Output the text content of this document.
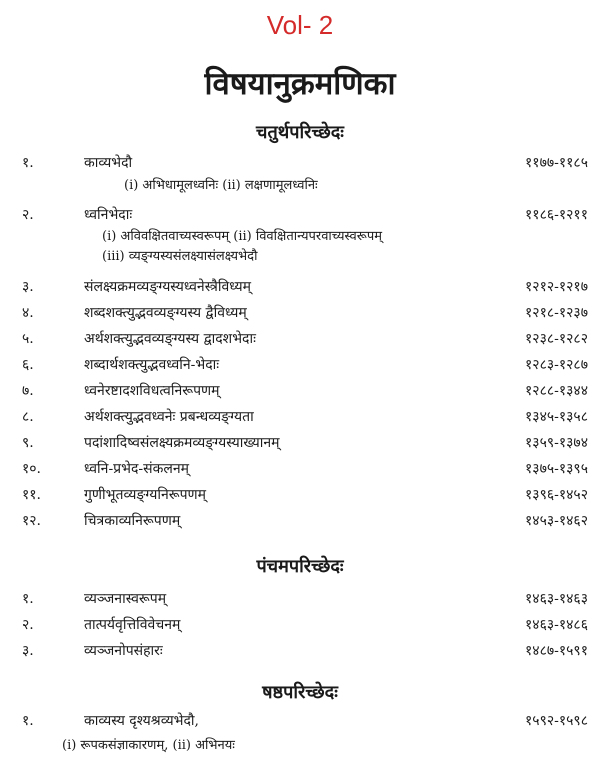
Vol- 2
विषयानुक्रमणिका
चतुर्थपरिच्छेदः
१.	काव्यभेदौ	११७७-११८५
(i) अभिधामूलध्वनिः (ii) लक्षणामूलध्वनिः
२.	ध्वनिभेदाः	११८६-१२११
(i) अविवक्षितवाच्यस्वरूपम् (ii) विवक्षितान्यपरवाच्यस्वरूपम्
(iii) व्यङ्ग्यस्यसंलक्ष्यासंलक्ष्यभेदौ
३.	संलक्ष्यक्रमव्यङ्ग्यस्यध्वनेस्त्रैविध्यम्	१२१२-१२१७
४.	शब्दशक्त्युद्भवव्यङ्ग्यस्य द्वैविध्यम्	१२१८-१२३७
५.	अर्थशक्त्युद्भवव्यङ्ग्यस्य द्वादशभेदाः	१२३८-१२८२
६.	शब्दार्थशक्त्युद्भवध्वनि-भेदाः	१२८३-१२८७
७.	ध्वनेरष्टादशविधत्वनिरूपणम्	१२८८-१३४४
८.	अर्थशक्त्युद्भवध्वनेः प्रबन्धव्यङ्ग्यता	१३४५-१३५८
९.	पदांशादिष्वसंलक्ष्यक्रमव्यङ्ग्यस्याख्यानम्	१३५९-१३७४
१०.	ध्वनि-प्रभेद-संकलनम्	१३७५-१३९५
११.	गुणीभूतव्यङ्ग्यनिरूपणम्	१३९६-१४५२
१२.	चित्रकाव्यनिरूपणम्	१४५३-१४६२
पंचमपरिच्छेदः
१.	व्यञ्जनास्वरूपम्	१४६३-१४६३
२.	तात्पर्यवृत्तिविवेचनम्	१४६३-१४८६
३.	व्यञ्जनोपसंहारः	१४८७-१५९१
षष्ठपरिच्छेदः
१.	काव्यस्य दृश्यश्रव्यभेदौ,	१५९२-१५९८
(i) रूपकसंज्ञाकारणम्, (ii) अभिनयः
